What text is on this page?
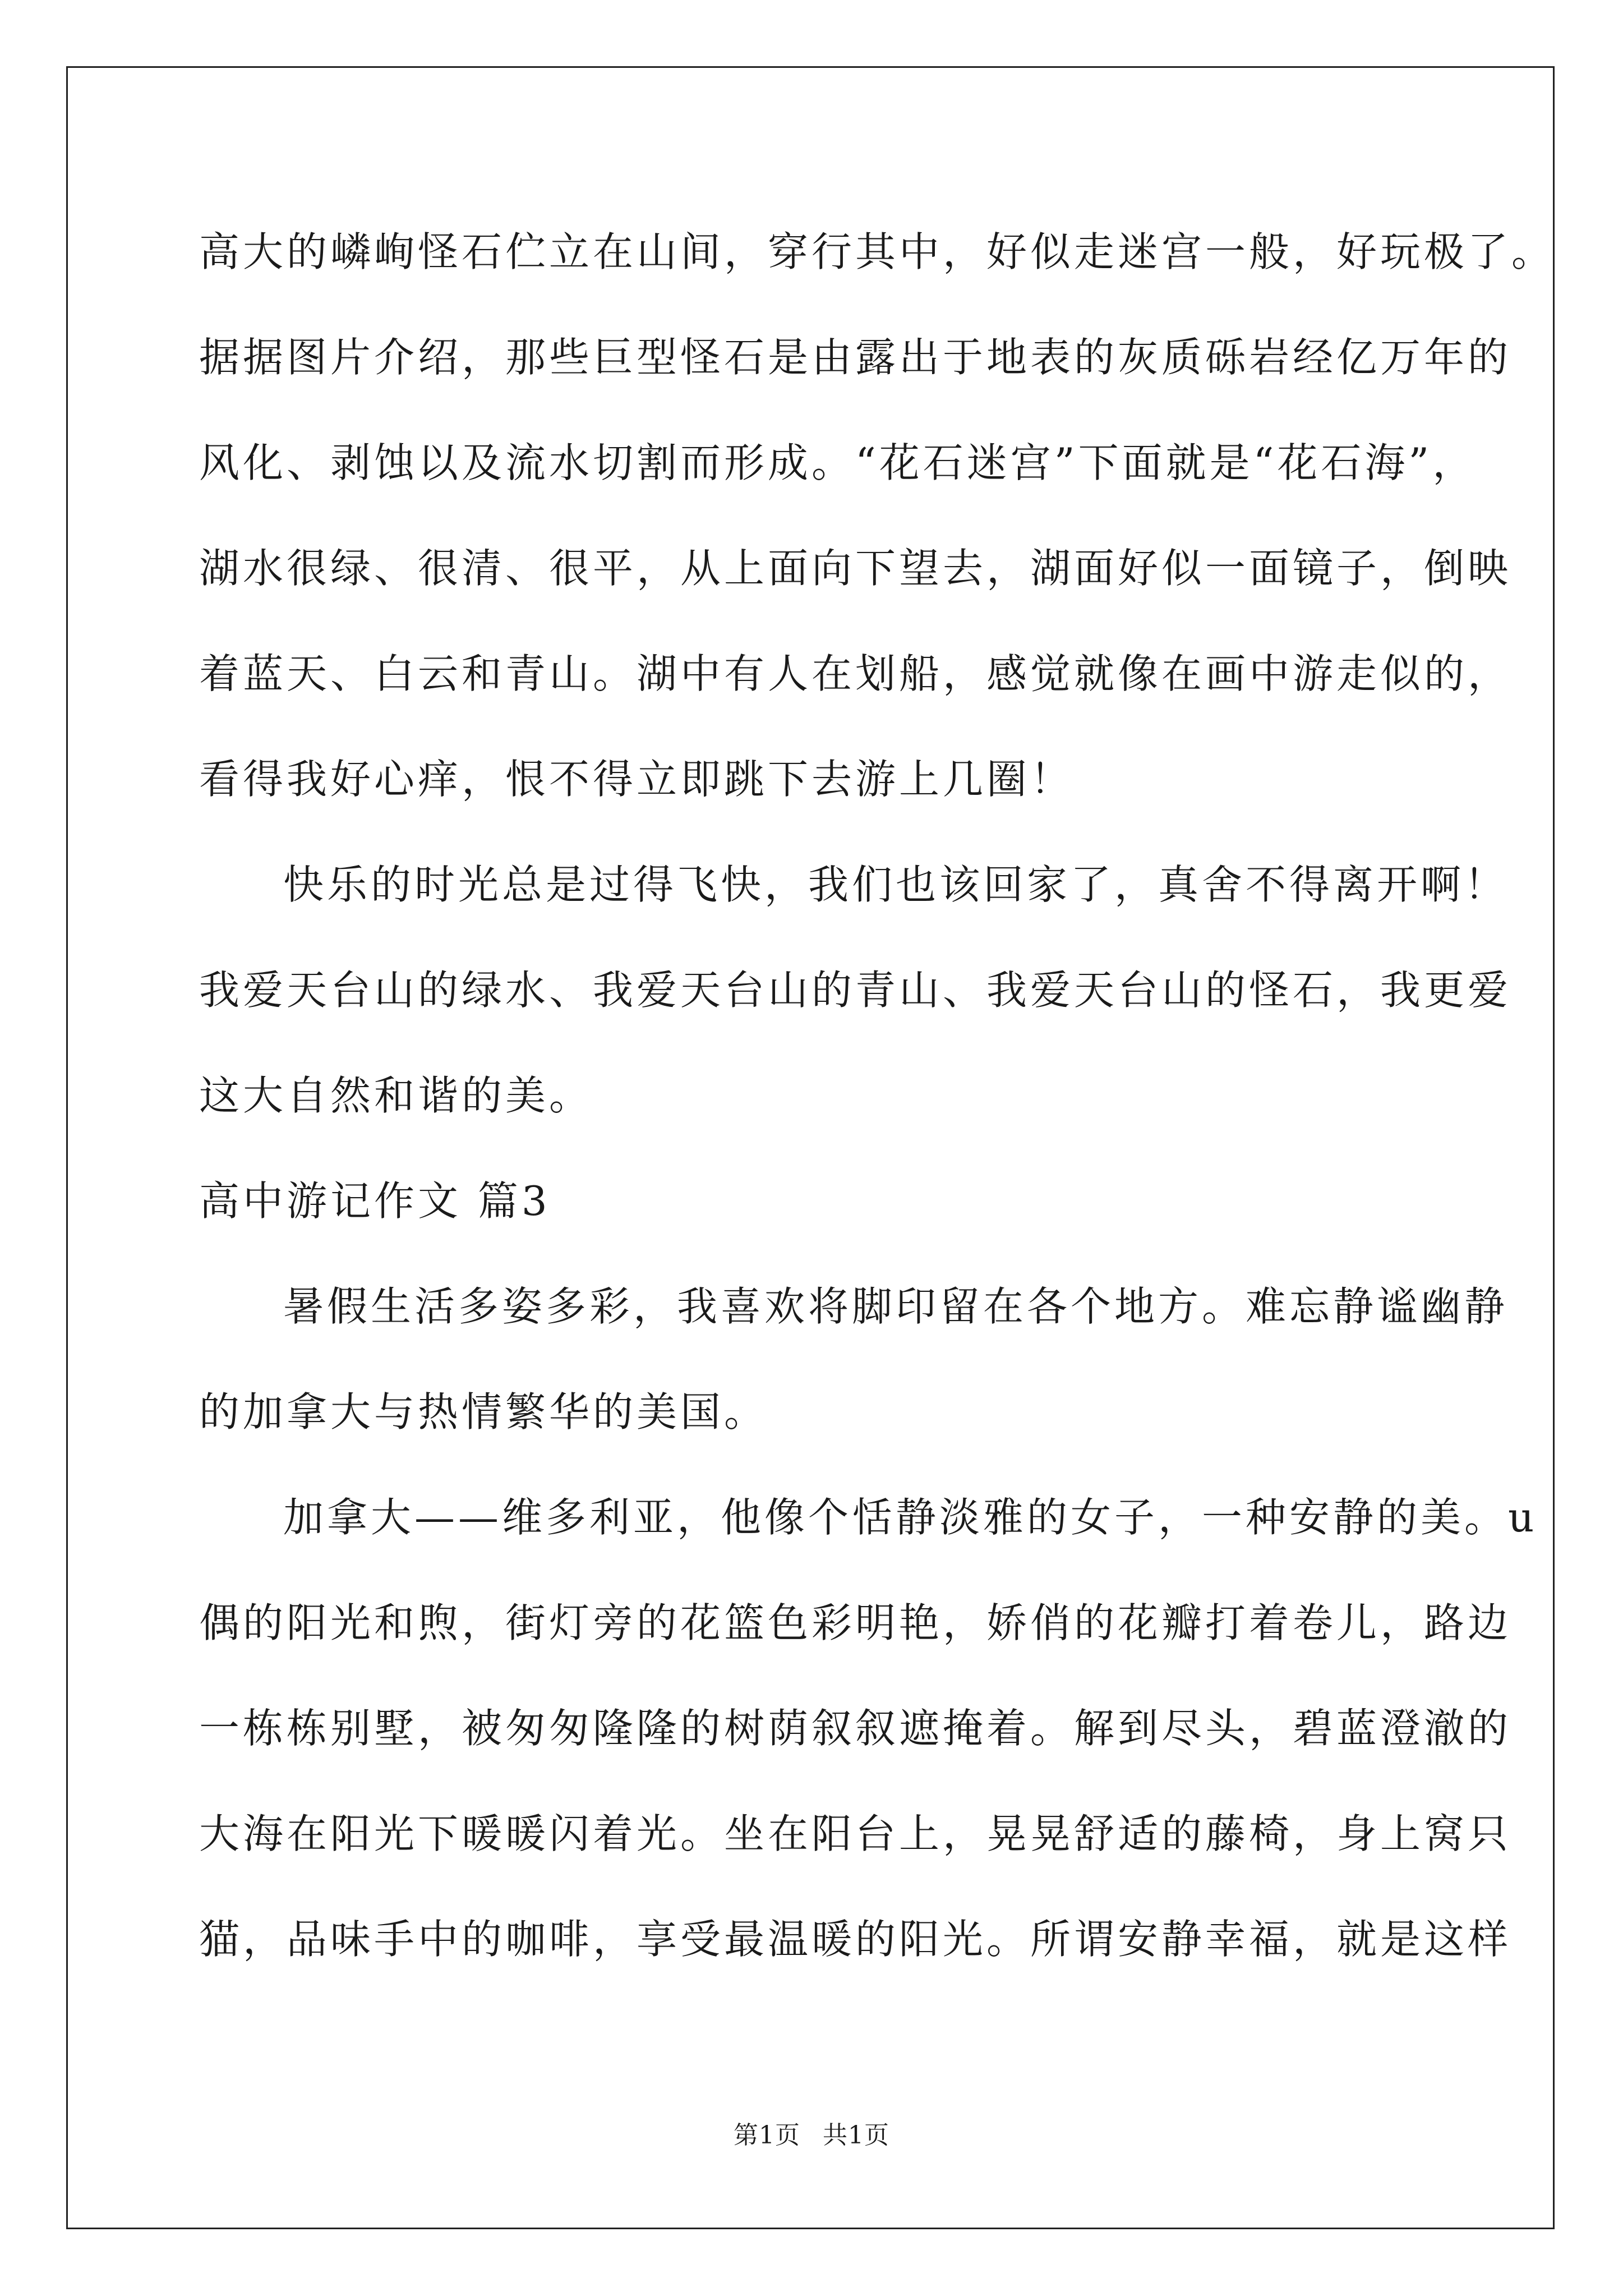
高大的嶙峋怪石伫立在山间，穿行其中，好似走迷宫一般，好玩极了。
据据图片介绍，那些巨型怪石是由露出于地表的灰质砾岩经亿万年的
风化、剥蚀以及流水切割而形成。“花石迷宫”下面就是“花石海”，
湖水很绿、很清、很平，从上面向下望去，湖面好似一面镜子，倒映
着蓝天、白云和青山。湖中有人在划船，感觉就像在画中游走似的，
看得我好心痒，恨不得立即跳下去游上几圈！
快乐的时光总是过得飞快，我们也该回家了，真舍不得离开啊！
我爱天台山的绿水、我爱天台山的青山、我爱天台山的怪石，我更爱
这大自然和谐的美。
高中游记作文 篇3
暑假生活多姿多彩，我喜欢将脚印留在各个地方。难忘静谧幽静
的加拿大与热情繁华的美国。
加拿大——维多利亚，他像个恬静淡雅的女子，一种安静的美。u
偶的阳光和煦，街灯旁的花篮色彩明艳，娇俏的花瓣打着卷儿，路边
一栋栋别墅，被匆匆隆隆的树荫叙叙遮掩着。解到尽头，碧蓝澄澈的
大海在阳光下暖暖闪着光。坐在阳台上，晃晃舒适的藤椅，身上窝只
猫，品味手中的咖啡，享受最温暖的阳光。所谓安静幸福，就是这样
第1页 共1页
